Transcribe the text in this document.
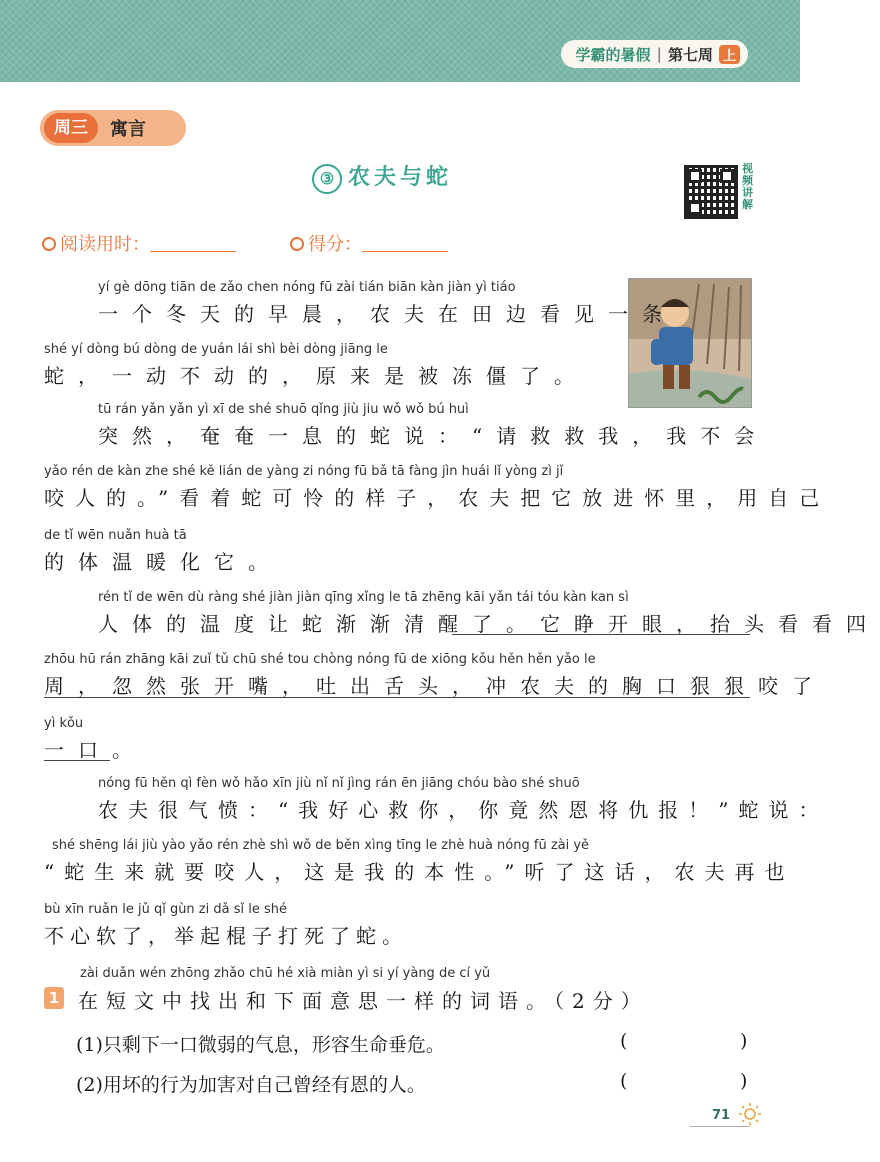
学霸的暑假 | 第七周 上
周三	寓言
③ 农夫与蛇	视频讲解
阅读用时：	得分：
yí gè dōng tiān de zǎo chen nóng fū zài tián biān kàn jiàn yì tiáo
一个冬天的早晨，农夫在田边看见一条
shé yí dòng bú dòng de yuán lái shì bèi dòng jiāng le
蛇，一动不动的，原来是被冻僵了。
tū rán yǎn yǎn yì xī de shé shuō qǐng jiù jiu wǒ wǒ bú huì
突然，奄奄一息的蛇说：“请救救我，我不会
yǎo rén de kàn zhe shé kě lián de yàng zi nóng fū bǎ tā fàng jìn huái lǐ yòng zì jǐ
咬人的。”看着蛇可怜的样子，农夫把它放进怀里，用自己
de tǐ wēn nuǎn huà tā
的体温暖化它。
rén tǐ de wēn dù ràng shé jiàn jiàn qīng xǐng le tā zhēng kāi yǎn tái tóu kàn kan sì
人体的温度让蛇渐渐清醒了。它睁开眼，抬头看看四
zhōu hū rán zhāng kāi zuǐ tǔ chū shé tou chòng nóng fū de xiōng kǒu hěn hěn yǎo le
周，忽然张开嘴，吐出舌头，冲农夫的胸口狠狠咬了
yì kǒu
一口。
nóng fū hěn qì fèn wǒ hǎo xīn jiù nǐ nǐ jìng rán ēn jiāng chóu bào shé shuō
农夫很气愤：“我好心救你，你竟然恩将仇报！”蛇说：
shé shēng lái jiù yào yǎo rén zhè shì wǒ de běn xìng tīng le zhè huà nóng fū zài yě
“蛇生来就要咬人，这是我的本性。”听了这话，农夫再也
bù xīn ruǎn le jǔ qǐ gùn zi dǎ sǐ le shé
不心软了，举起棍子打死了蛇。
zài duǎn wén zhōng zhǎo chū hé xià miàn yì si yí yàng de cí yǔ
1 在短文中找出和下面意思一样的词语。（2分）
(1)只剩下一口微弱的气息，形容生命垂危。	(	)
(2)用坏的行为加害对自己曾经有恩的人。	(	)
71
